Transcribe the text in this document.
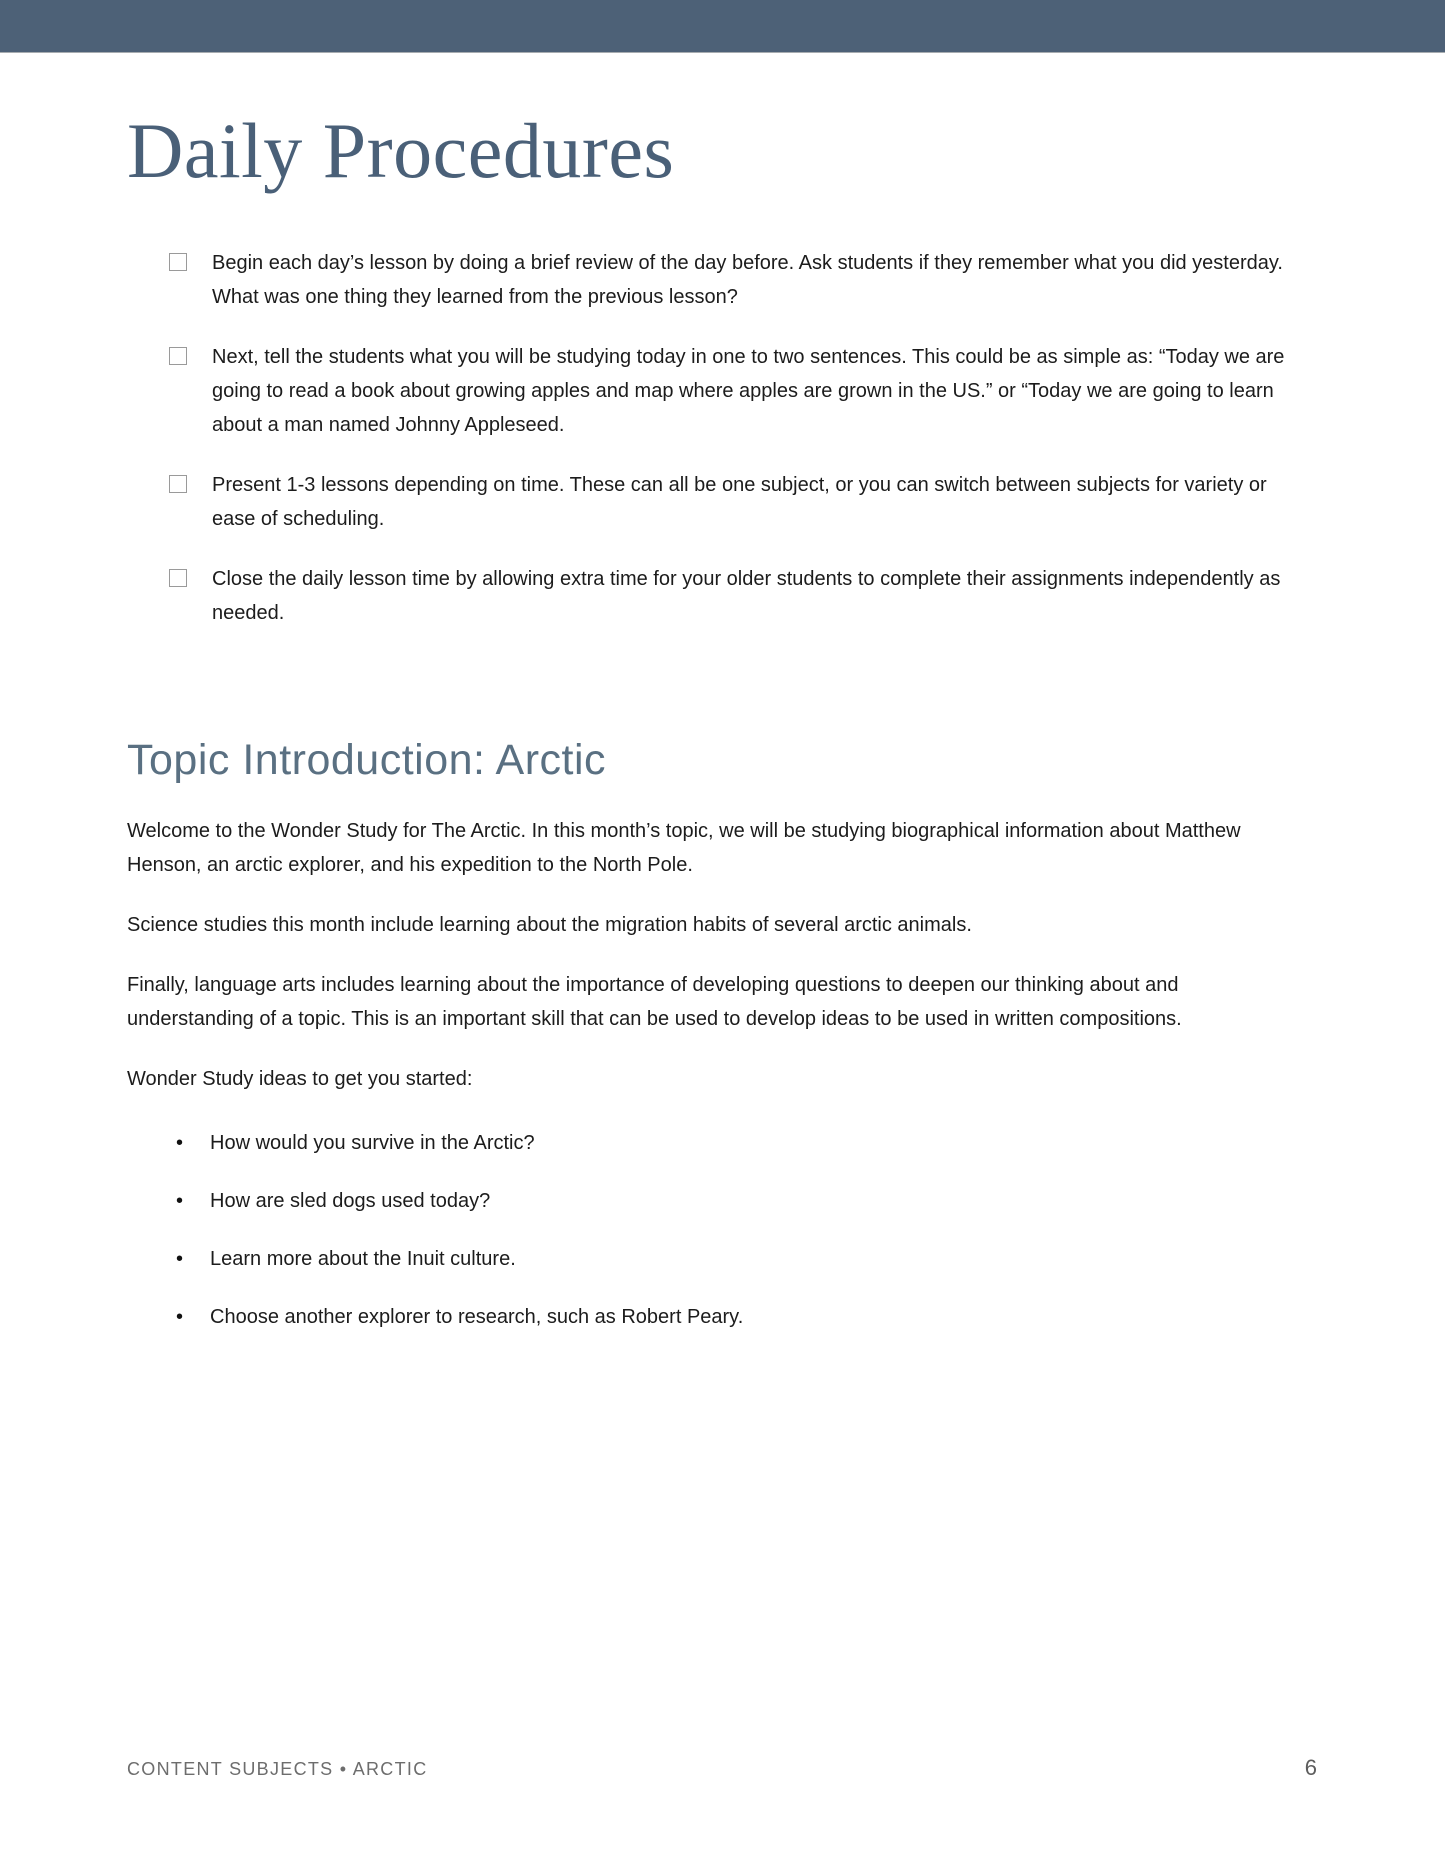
Daily Procedures
Begin each day’s lesson by doing a brief review of the day before. Ask students if they remember what you did yesterday. What was one thing they learned from the previous lesson?
Next, tell the students what you will be studying today in one to two sentences. This could be as simple as: “Today we are going to read a book about growing apples and map where apples are grown in the US.” or “Today we are going to learn about a man named Johnny Appleseed.
Present 1-3 lessons depending on time. These can all be one subject, or you can switch between subjects for variety or ease of scheduling.
Close the daily lesson time by allowing extra time for your older students to complete their assignments independently as needed.
Topic Introduction: Arctic

Welcome to the Wonder Study for The Arctic. In this month’s topic, we will be studying biographical information about Matthew Henson, an arctic explorer, and his expedition to the North Pole.

Science studies this month include learning about the migration habits of several arctic animals.

Finally, language arts includes learning about the importance of developing questions to deepen our thinking about and understanding of a topic. This is an important skill that can be used to develop ideas to be used in written compositions.

Wonder Study ideas to get you started:

• How would you survive in the Arctic?
• How are sled dogs used today?
• Learn more about the Inuit culture.
• Choose another explorer to research, such as Robert Peary.
CONTENT SUBJECTS • ARCTIC	6
